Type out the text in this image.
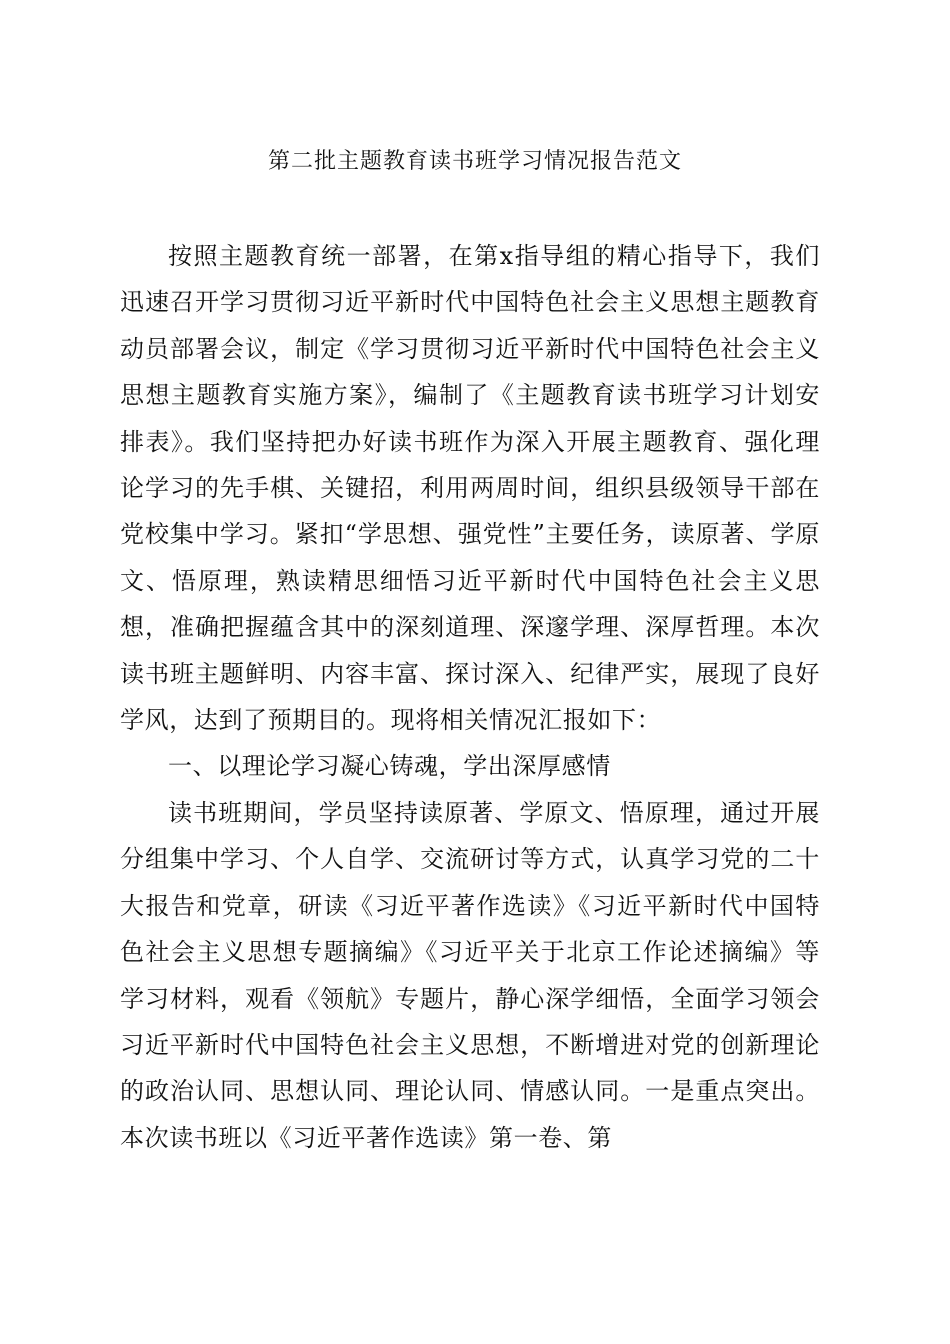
第二批主题教育读书班学习情况报告范文

按照主题教育统一部署，在第x指导组的精心指导下，我们迅速召开学习贯彻习近平新时代中国特色社会主义思想主题教育动员部署会议，制定《学习贯彻习近平新时代中国特色社会主义思想主题教育实施方案》，编制了《主题教育读书班学习计划安排表》。我们坚持把办好读书班作为深入开展主题教育、强化理论学习的先手棋、关键招，利用两周时间，组织县级领导干部在党校集中学习。紧扣“学思想、强党性”主要任务，读原著、学原文、悟原理，熟读精思细悟习近平新时代中国特色社会主义思想，准确把握蕴含其中的深刻道理、深邃学理、深厚哲理。本次读书班主题鲜明、内容丰富、探讨深入、纪律严实，展现了良好学风，达到了预期目的。现将相关情况汇报如下：

一、以理论学习凝心铸魂，学出深厚感情

读书班期间，学员坚持读原著、学原文、悟原理，通过开展分组集中学习、个人自学、交流研讨等方式，认真学习党的二十大报告和党章，研读《习近平著作选读》《习近平新时代中国特色社会主义思想专题摘编》《习近平关于北京工作论述摘编》等学习材料，观看《领航》专题片，静心深学细悟，全面学习领会习近平新时代中国特色社会主义思想，不断增进对党的创新理论的政治认同、思想认同、理论认同、情感认同。一是重点突出。本次读书班以《习近平著作选读》第一卷、第
